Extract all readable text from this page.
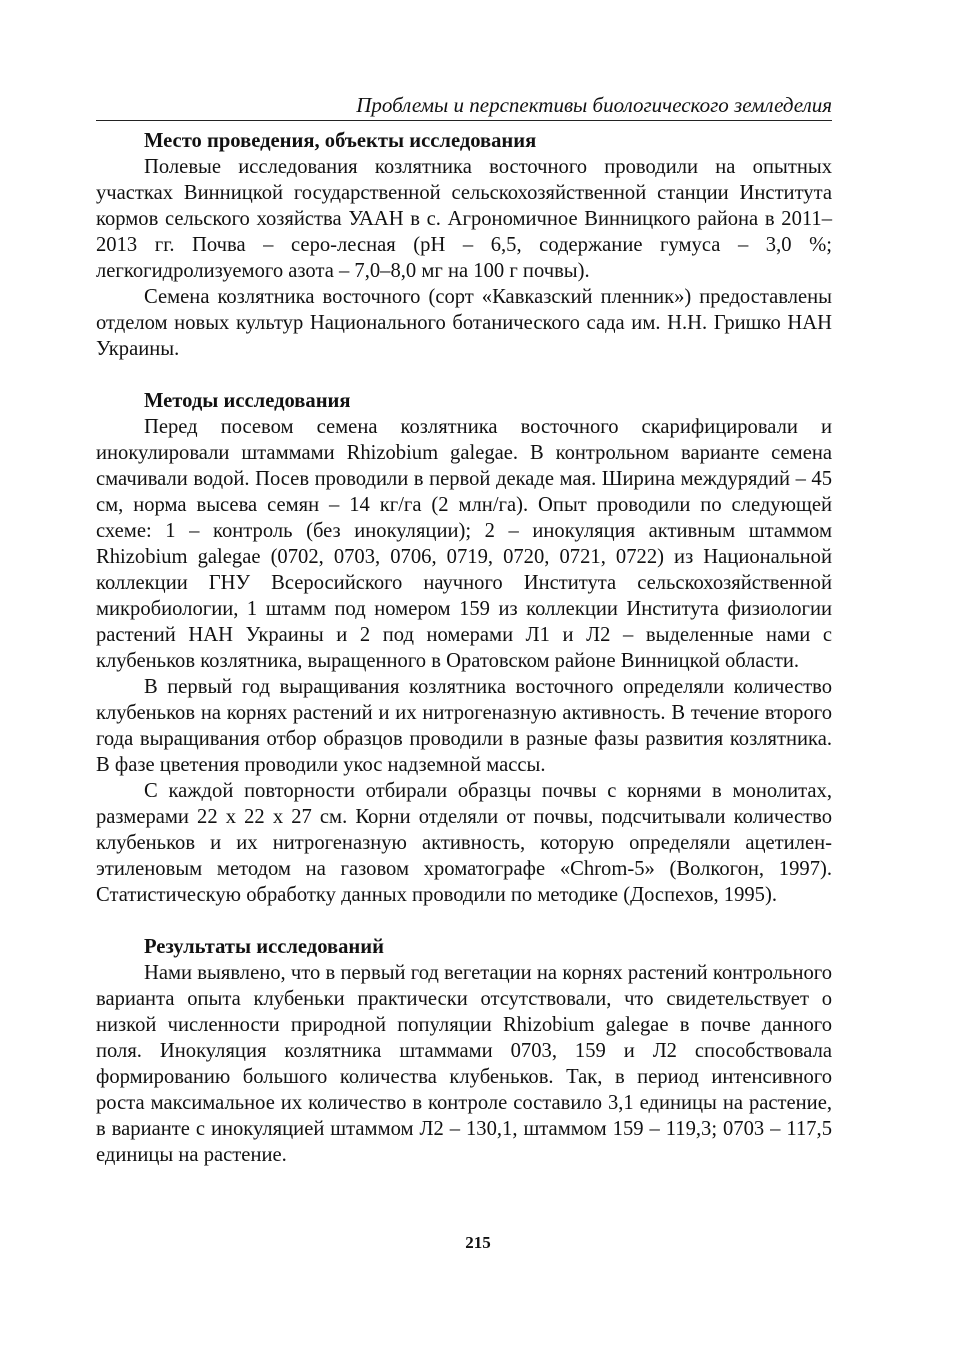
Проблемы и перспективы биологического земледелия

Место проведения, объекты исследования

Полевые исследования козлятника восточного проводили на опытных участках Винницкой государственной сельскохозяйственной станции Института кормов сельского хозяйства УААН в с. Агрономичное Винницкого района в 2011–2013 гг. Почва – серо-лесная (pH – 6,5, содержание гумуса – 3,0 %; легкогидролизуемого азота – 7,0–8,0 мг на 100 г почвы).

Семена козлятника восточного (сорт «Кавказский пленник») предоставлены отделом новых культур Национального ботанического сада им. Н.Н. Гришко НАН Украины.

Методы исследования

Перед посевом семена козлятника восточного скарифицировали и инокулировали штаммами Rhizobium galegae. В контрольном варианте семена смачивали водой. Посев проводили в первой декаде мая. Ширина междурядий – 45 см, норма высева семян – 14 кг/га (2 млн/га). Опыт проводили по следующей схеме: 1 – контроль (без инокуляции); 2 – инокуляция активным штаммом Rhizobium galegae (0702, 0703, 0706, 0719, 0720, 0721, 0722) из Национальной коллекции ГНУ Всеросийского научного Института сельскохозяйственной микробиологии, 1 штамм под номером 159 из коллекции Института физиологии растений НАН Украины и 2 под номерами Л1 и Л2 – выделенные нами с клубеньков козлятника, выращенного в Оратовском районе Винницкой области.

В первый год выращивания козлятника восточного определяли количество клубеньков на корнях растений и их нитрогеназную активность. В течение второго года выращивания отбор образцов проводили в разные фазы развития козлятника. В фазе цветения проводили укос надземной массы.

С каждой повторности отбирали образцы почвы с корнями в монолитах, размерами 22 х 22 х 27 см. Корни отделяли от почвы, подсчитывали количество клубеньков и их нитрогеназную активность, которую определяли ацетилен-этиленовым методом на газовом хроматографе «Chrom-5» (Волкогон, 1997). Статистическую обработку данных проводили по методике (Доспехов, 1995).

Результаты исследований

Нами выявлено, что в первый год вегетации на корнях растений контрольного варианта опыта клубеньки практически отсутствовали, что свидетельствует о низкой численности природной популяции Rhizobium galegae в почве данного поля. Инокуляция козлятника штаммами 0703, 159 и Л2 способствовала формированию большого количества клубеньков. Так, в период интенсивного роста максимальное их количество в контроле составило 3,1 единицы на растение, в варианте с инокуляцией штаммом Л2 – 130,1, штаммом 159 – 119,3; 0703 – 117,5 единицы на растение.

215
